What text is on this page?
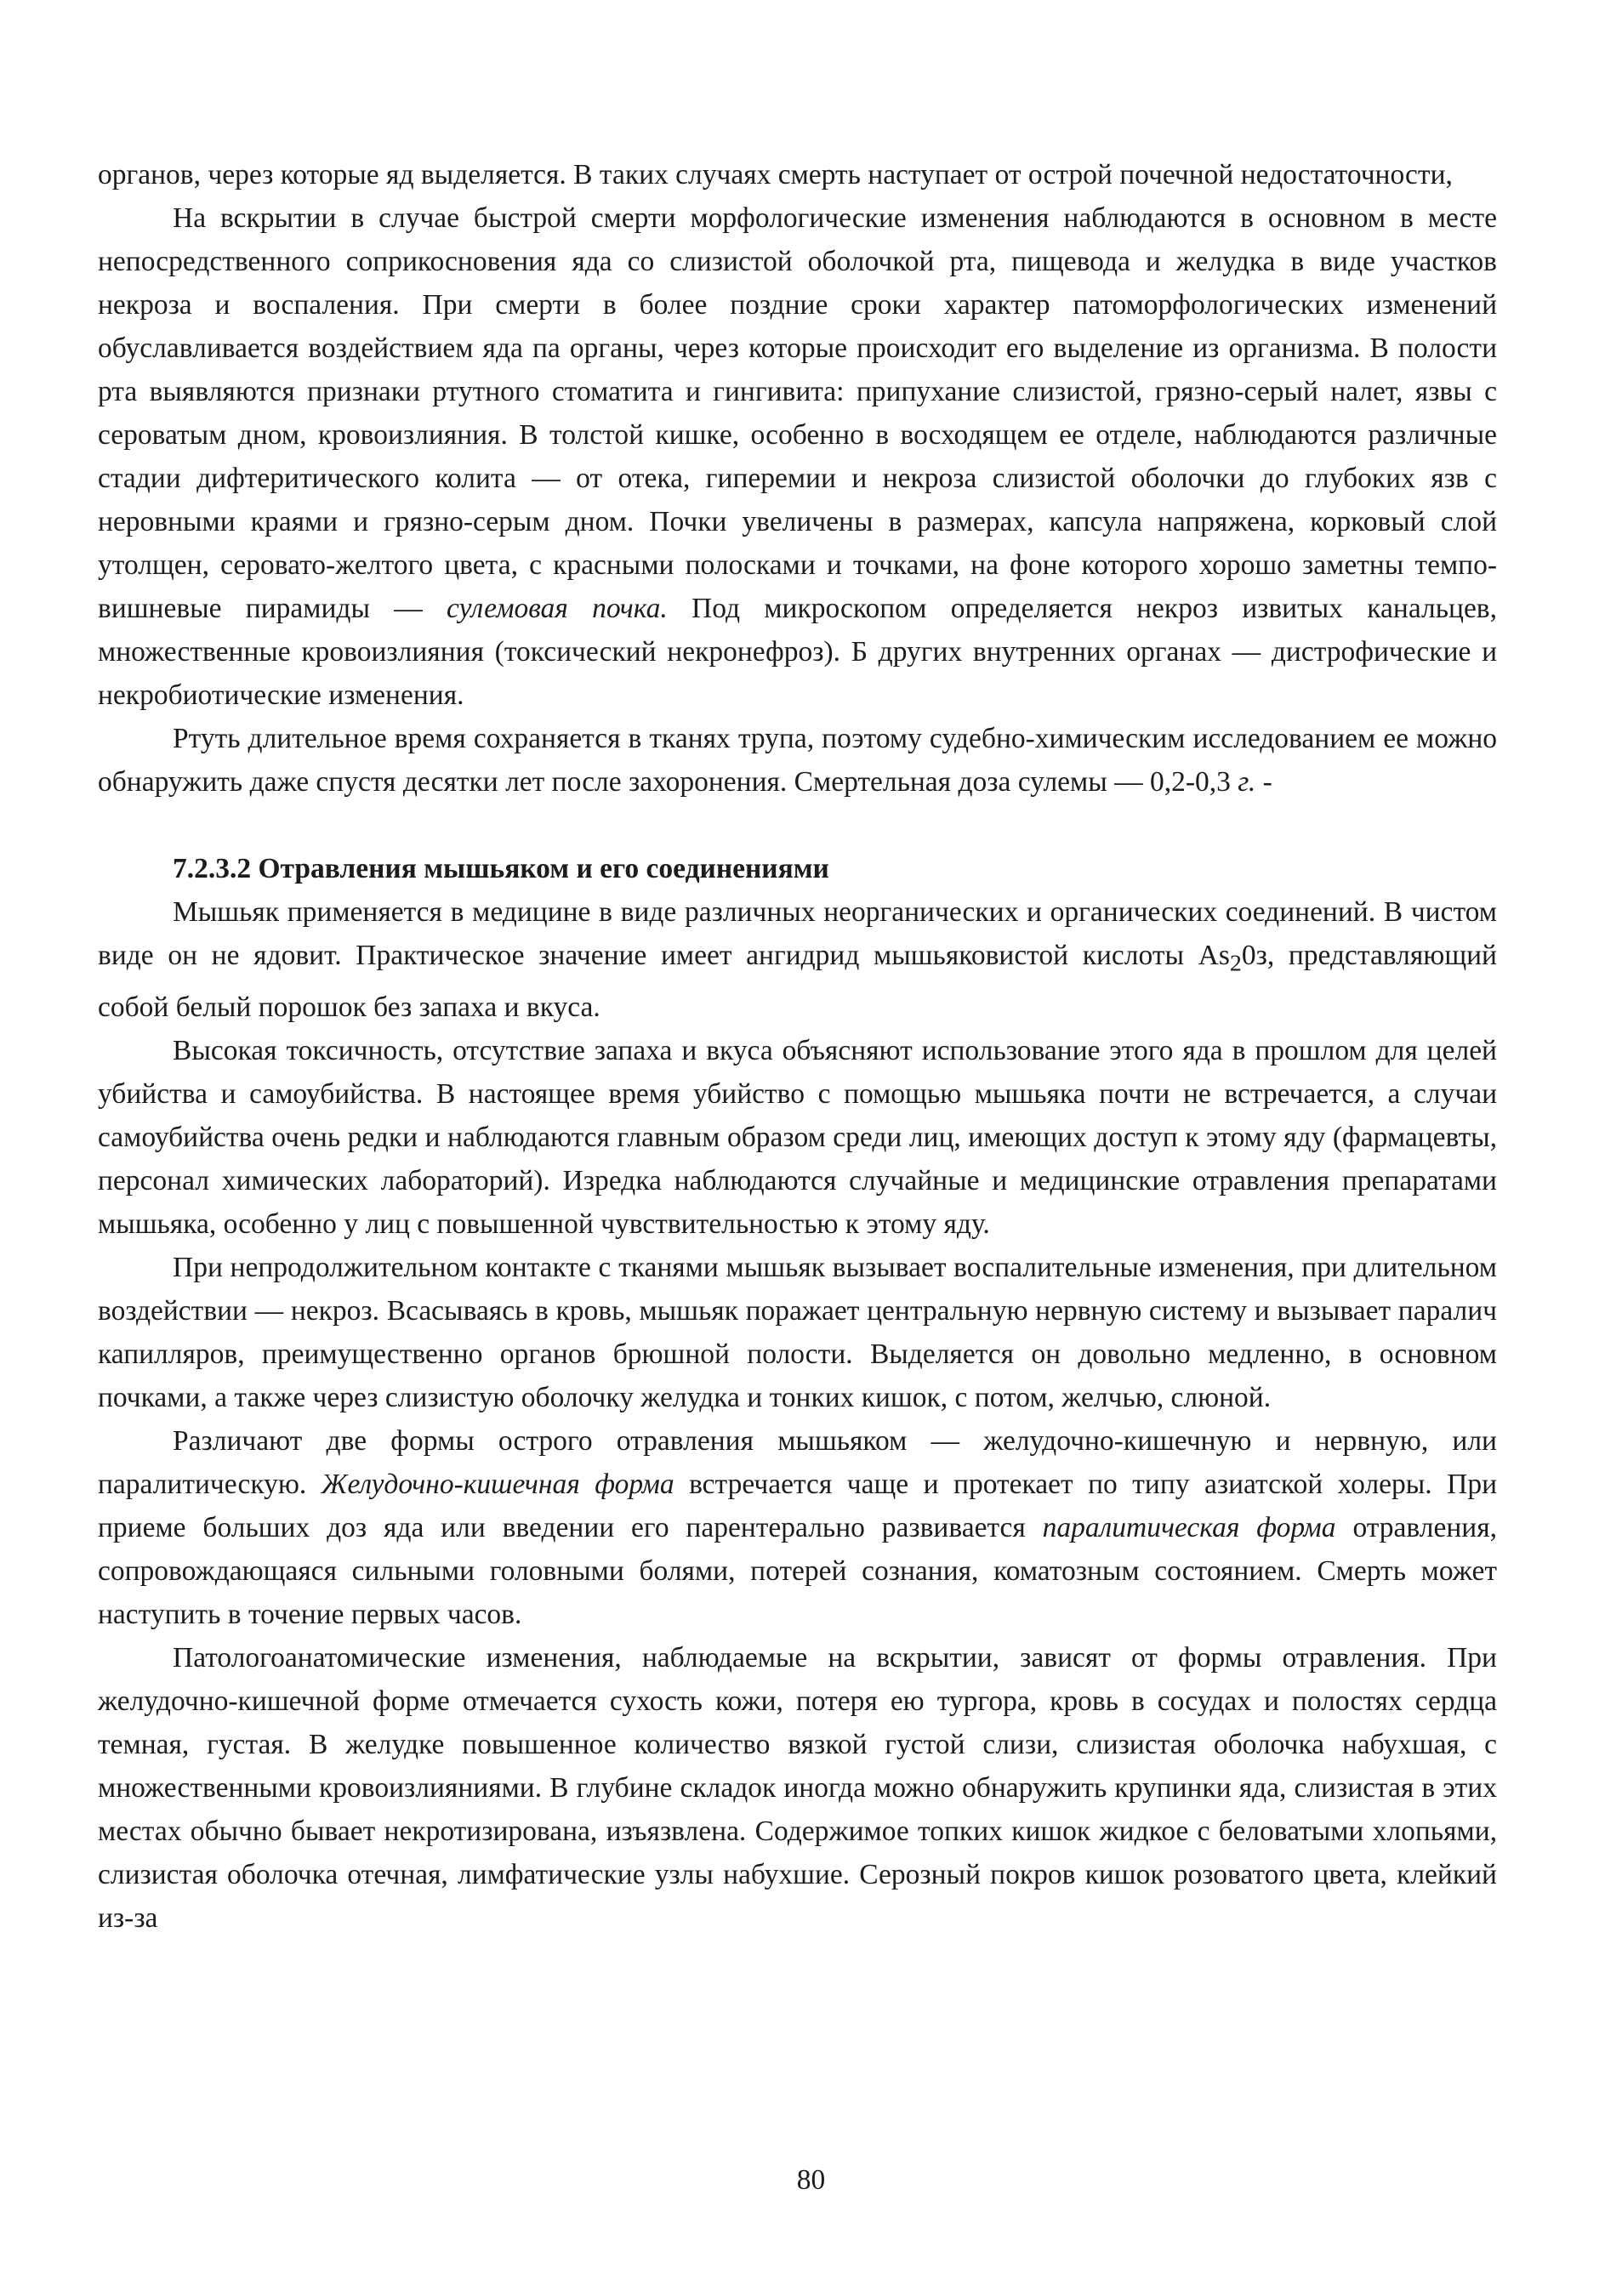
органов, через которые яд выделяется. В таких случаях смерть наступает от острой почечной недостаточности,

На вскрытии в случае быстрой смерти морфологические изменения наблюдаются в основном в месте непосредственного соприкосновения яда со слизистой оболочкой рта, пищевода и желудка в виде участков некроза и воспаления. При смерти в более поздние сроки характер патоморфологических изменений обуславливается воздействием яда па органы, через которые происходит его выделение из организма. В полости рта выявляются признаки ртутного стоматита и гингивита: припухание слизистой, грязно-серый налет, язвы с сероватым дном, кровоизлияния. В толстой кишке, особенно в восходящем ее отделе, наблюдаются различные стадии дифтеритического колита — от отека, гиперемии и некроза слизистой оболочки до глубоких язв с неровными краями и грязно-серым дном. Почки увеличены в размерах, капсула напряжена, корковый слой утолщен, серовато-желтого цвета, с красными полосками и точками, на фоне которого хорошо заметны темпо-вишневые пирамиды — сулемовая почка. Под микроскопом определяется некроз извитых канальцев, множественные кровоизлияния (токсический некронефроз). Б других внутренних органах — дистрофические и некробиотические изменения.

Ртуть длительное время сохраняется в тканях трупа, поэтому судебно-химическим исследованием ее можно обнаружить даже спустя десятки лет после захоронения. Смертельная доза сулемы — 0,2-0,3 г. -

7.2.3.2 Отравления мышьяком и его соединениями

Мышьяк применяется в медицине в виде различных неорганических и органических соединений. В чистом виде он не ядовит. Практическое значение имеет ангидрид мышьяковистой кислоты $As_20з$, представляющий собой белый порошок без запаха и вкуса.

Высокая токсичность, отсутствие запаха и вкуса объясняют использование этого яда в прошлом для целей убийства и самоубийства. В настоящее время убийство с помощью мышьяка почти не встречается, а случаи самоубийства очень редки и наблюдаются главным образом среди лиц, имеющих доступ к этому яду (фармацевты, персонал химических лабораторий). Изредка наблюдаются случайные и медицинские отравления препаратами мышьяка, особенно у лиц с повышенной чувствительностью к этому яду.

При непродолжительном контакте с тканями мышьяк вызывает воспалительные изменения, при длительном воздействии — некроз. Всасываясь в кровь, мышьяк поражает центральную нервную систему и вызывает паралич капилляров, преимущественно органов брюшной полости. Выделяется он довольно медленно, в основном почками, а также через слизистую оболочку желудка и тонких кишок, с потом, желчью, слюной.

Различают две формы острого отравления мышьяком — желудочно-кишечную и нервную, или паралитическую. Желудочно-кишечная форма встречается чаще и протекает по типу азиатской холеры. При приеме больших доз яда или введении его парентерально развивается паралитическая форма отравления, сопровождающаяся сильными головными болями, потерей сознания, коматозным состоянием. Смерть может наступить в точение первых часов.

Патологоанатомические изменения, наблюдаемые на вскрытии, зависят от формы отравления. При желудочно-кишечной форме отмечается сухость кожи, потеря ею тургора, кровь в сосудах и полостях сердца темная, густая. В желудке повышенное количество вязкой густой слизи, слизистая оболочка набухшая, с множественными кровоизлияниями. В глубине складок иногда можно обнаружить крупинки яда, слизистая в этих местах обычно бывает некротизирована, изъязвлена. Содержимое топких кишок жидкое с беловатыми хлопьями, слизистая оболочка отечная, лимфатические узлы набухшие. Серозный покров кишок розоватого цвета, клейкий из-за

80
